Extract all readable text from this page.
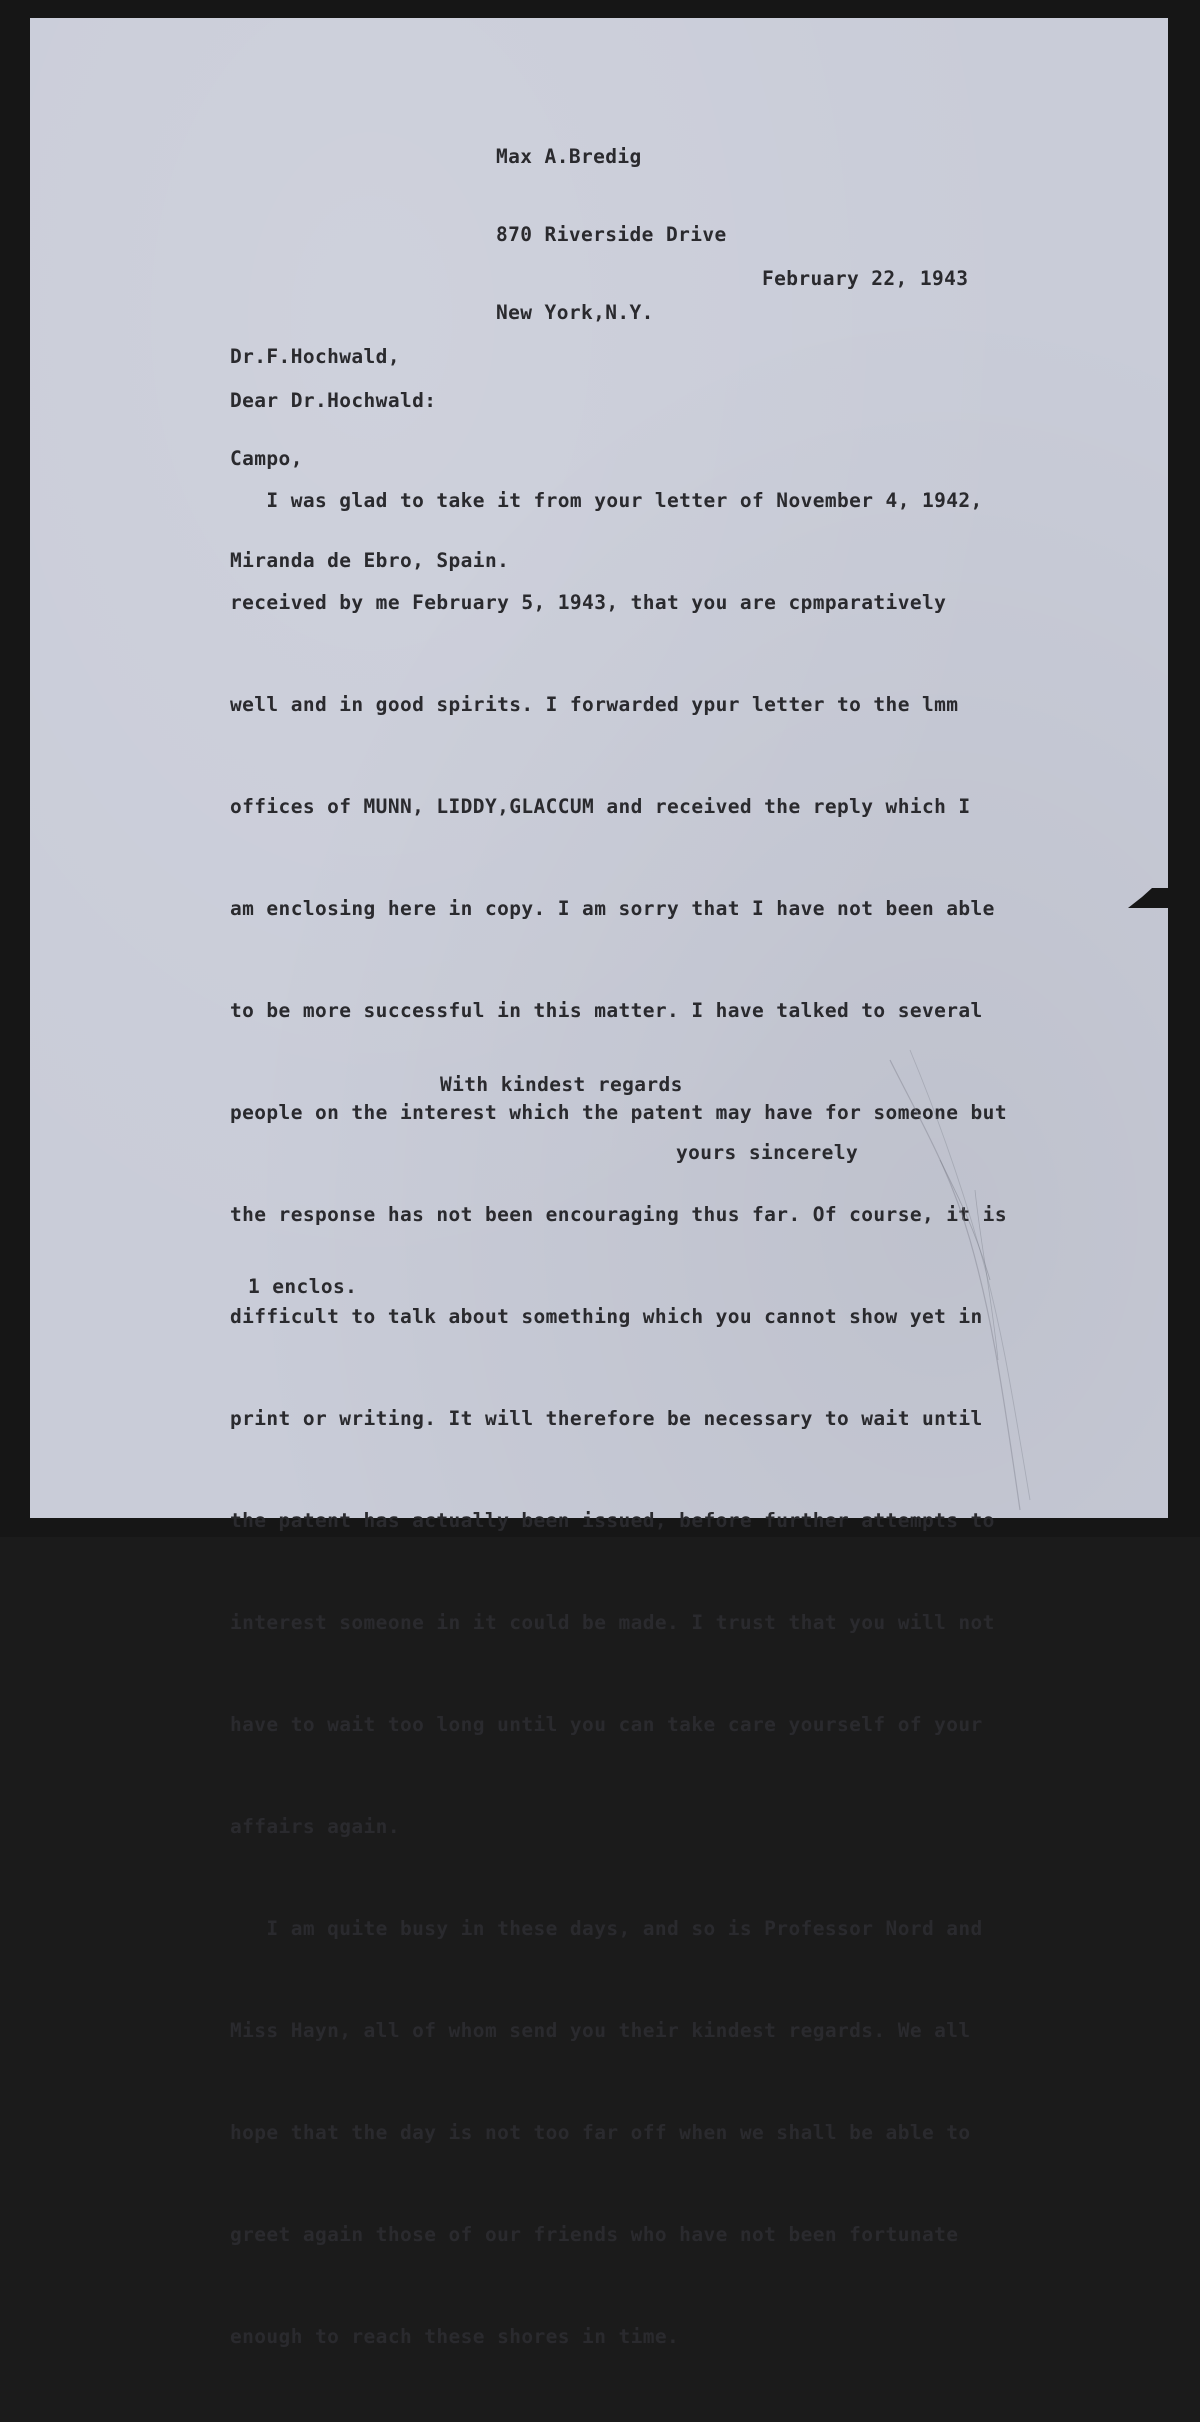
Max A.Bredig

870 Riverside Drive

New York,N.Y.

February 22, 1943

Dr.F.Hochwald,

Campo,

Miranda de Ebro, Spain.

Dear Dr.Hochwald:

I was glad to take it from your letter of November 4, 1942,

received by me February 5, 1943, that you are cpmparatively

well and in good spirits. I forwarded ypur letter to the lmm

offices of MUNN, LIDDY,GLACCUM and received the reply which I

am enclosing here in copy. I am sorry that I have not been able

to be more successful in this matter. I have talked to several

people on the interest which the patent may have for someone but

the response has not been encouraging thus far. Of course, it is

difficult to talk about something which you cannot show yet in

print or writing. It will therefore be necessary to wait until

the patent has actually been issued, before further attempts to

interest someone in it could be made. I trust that you will not

have to wait too long until you can take care yourself of your

affairs again.

I am quite busy in these days, and so is Professor Nord and

Miss Hayn, all of whom send you their kindest regards. We all

hope that the day is not too far off when we shall be able to

greet again those of our friends who have not been fortunate

enough to reach these shores in time.

With kindest regards
yours sincerely
1 enclos.
